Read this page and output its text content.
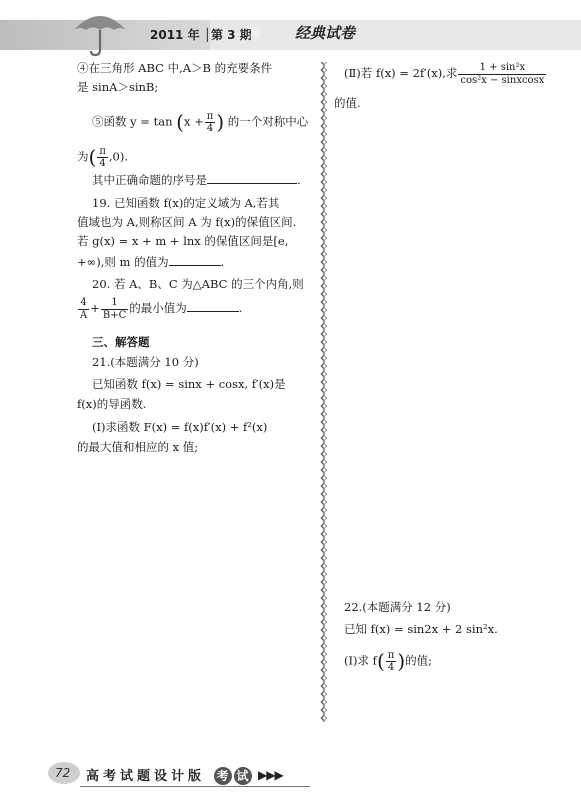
2011 年 │第 3 期
》》》 经典试卷
④在三角形 ABC 中,A＞B 的充要条件
是 sinA＞sinB;
⑤函数 $y = \tan (x + \frac{\pi}{4}$ ) 的一个对称中心
为( $\frac{\pi}{4} ,0$).
其中正确命题的序号是	.
19. 已知函数 f(x)的定义域为 A,若其
值域也为 A,则称区间 A 为 f(x)的保值区间.
若 g(x) = x + m + lnx 的保值区间是[e,
+∞),则 m 的值为	.
20. 若 A、B、C 为△ABC 的三个内角,则
$\frac{4}{A} + \frac{1}{B+C}$ 的最小值为	.
三、解答题
21.(本题满分 10 分)
已知函数 f(x) = sinx + cosx, f′(x)是
f(x)的导函数.
(Ⅰ)求函数 F(x) = f(x)f′(x) + f²(x)
的最大值和相应的 x 值;
(Ⅱ)若 f(x) = 2f′(x),求 $\frac{\text{1 + sin²x}}{\text{cos²x − sinxcosx}}$
的值.
22.(本题满分 12 分)
已知 f(x) = sin2x + 2 sin²x.
(Ⅰ)求 $f( \frac{\pi}{4}$ )的值;
72 高考试题设计版 考 试 ▶▶▶
